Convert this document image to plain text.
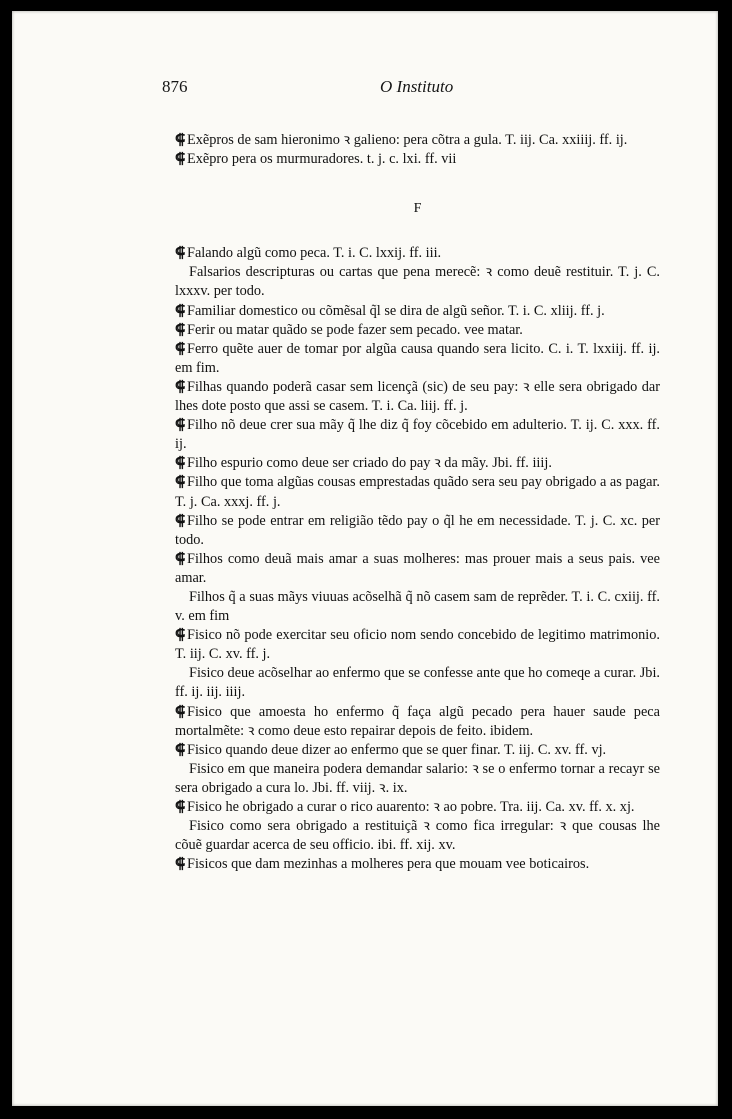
876	O Instituto

⸿ Exẽpros de sam hieronimo ꝛ galieno: pera cõtra a gula. T. iij. Ca. xxiiij. ff. ij.

⸿ Exẽpro pera os murmuradores. t. j. c. lxi. ff. vii

F

⸿ Falando algũ como peca. T. i. C. lxxij. ff. iii.

Falsarios descripturas ou cartas que pena merecẽ: ꝛ como deuẽ restituir. T. j. C. lxxxv. per todo.

⸿ Familiar domestico ou cõmẽsal q̃l se dira de algũ señor. T. i. C. xliij. ff. j.

⸿ Ferir ou matar quãdo se pode fazer sem pecado. vee matar.

⸿ Ferro quẽte auer de tomar por algũa causa quando sera licito. C. i. T. lxxiij. ff. ij. em fim.

⸿ Filhas quando poderã casar sem licençã (sic) de seu pay: ꝛ elle sera obrigado dar lhes dote posto que assi se casem. T. i. Ca. liij. ff. j.

⸿ Filho nõ deue crer sua mãy q̃ lhe diz q̃ foy cõcebido em adulterio. T. ij. C. xxx. ff. ij.

⸿ Filho espurio como deue ser criado do pay ꝛ da mãy. Jbi. ff. iiij.

⸿ Filho que toma algũas cousas emprestadas quãdo sera seu pay obrigado a as pagar. T. j. Ca. xxxj. ff. j.

⸿ Filho se pode entrar em religião tẽdo pay o q̃l he em necessidade. T. j. C. xc. per todo.

⸿ Filhos como deuã mais amar a suas molheres: mas prouer mais a seus pais. vee amar.

Filhos q̃ a suas mãys viuuas acõselhã q̃ nõ casem sam de reprẽder. T. i. C. cxiij. ff. v. em fim

⸿ Fisico nõ pode exercitar seu oficio nom sendo concebido de legitimo matrimonio. T. iij. C. xv. ff. j.

Fisico deue acõselhar ao enfermo que se confesse ante que ho comeqe a curar. Jbi. ff. ij. iij. iiij.

⸿ Fisico que amoesta ho enfermo q̃ faça algũ pecado pera hauer saude peca mortalmẽte: ꝛ como deue esto repairar depois de feito. ibidem.

⸿ Fisico quando deue dizer ao enfermo que se quer finar. T. iij. C. xv. ff. vj.

Fisico em que maneira podera demandar salario: ꝛ se o enfermo tornar a recayr se sera obrigado a cura lo. Jbi. ff. viij. ꝛ. ix.

⸿ Fisico he obrigado a curar o rico auarento: ꝛ ao pobre. Tra. iij. Ca. xv. ff. x. xj.

Fisico como sera obrigado a restituiçã ꝛ como fica irregular: ꝛ que cousas lhe cõuẽ guardar acerca de seu officio. ibi. ff. xij. xv.

⸿ Fisicos que dam mezinhas a molheres pera que mouam vee boticairos.
